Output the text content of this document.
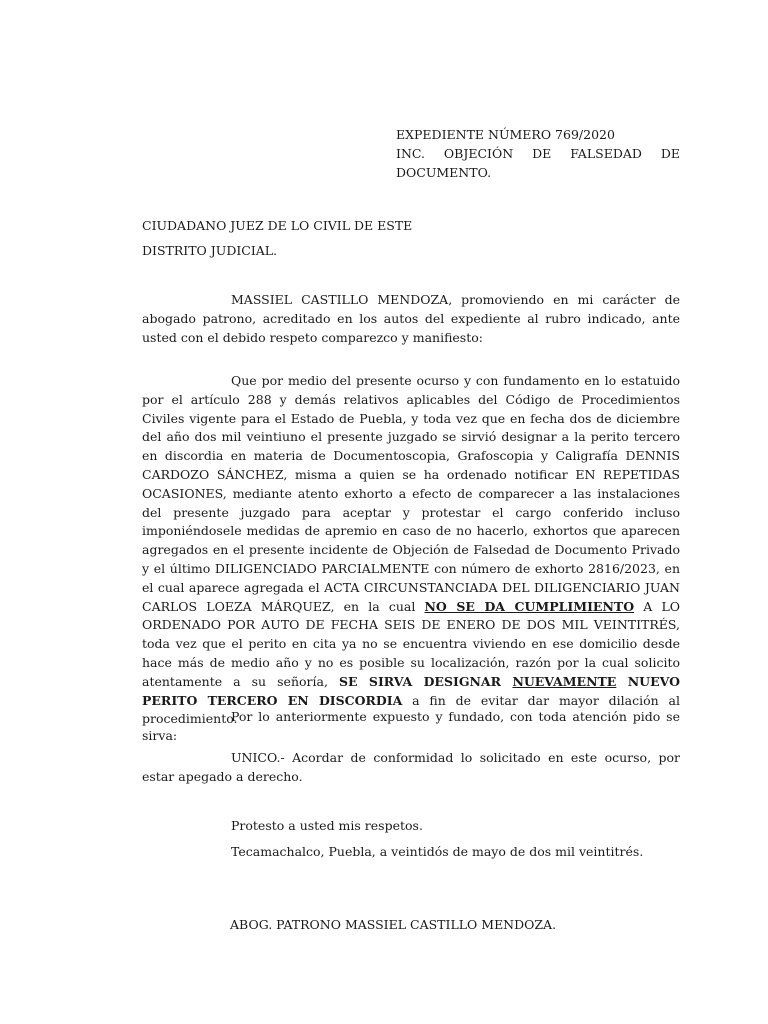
EXPEDIENTE NÚMERO 769/2020
INC. OBJECIÓN DE FALSEDAD DE
DOCUMENTO.
CIUDADANO JUEZ DE LO CIVIL DE ESTE
DISTRITO JUDICIAL.

MASSIEL CASTILLO MENDOZA, promoviendo en mi carácter de abogado patrono, acreditado en los autos del expediente al rubro indicado, ante usted con el debido respeto comparezco y manifiesto:

Que por medio del presente ocurso y con fundamento en lo estatuido por el artículo 288 y demás relativos aplicables del Código de Procedimientos Civiles vigente para el Estado de Puebla, y toda vez que en fecha dos de diciembre del año dos mil veintiuno el presente juzgado se sirvió designar a la perito tercero en discordia en materia de Documentoscopia, Grafoscopia y Caligrafía DENNIS CARDOZO SÁNCHEZ, misma a quien se ha ordenado notificar EN REPETIDAS OCASIONES, mediante atento exhorto a efecto de comparecer a las instalaciones del presente juzgado para aceptar y protestar el cargo conferido incluso imponiéndosele medidas de apremio en caso de no hacerlo, exhortos que aparecen agregados en el presente incidente de Objeción de Falsedad de Documento Privado y el último DILIGENCIADO PARCIALMENTE con número de exhorto 2816/2023, en el cual aparece agregada el ACTA CIRCUNSTANCIADA DEL DILIGENCIARIO JUAN CARLOS LOEZA MÁRQUEZ, en la cual NO SE DA CUMPLIMIENTO A LO ORDENADO POR AUTO DE FECHA SEIS DE ENERO DE DOS MIL VEINTITRÉS, toda vez que el perito en cita ya no se encuentra viviendo en ese domicilio desde hace más de medio año y no es posible su localización, razón por la cual solicito atentamente a su señoría, SE SIRVA DESIGNAR NUEVAMENTE NUEVO PERITO TERCERO EN DISCORDIA a fin de evitar dar mayor dilación al procedimiento.

Por lo anteriormente expuesto y fundado, con toda atención pido se sirva:

UNICO.- Acordar de conformidad lo solicitado en este ocurso, por estar apegado a derecho.

Protesto a usted mis respetos.

Tecamachalco, Puebla, a veintidós de mayo de dos mil veintitrés.

ABOG. PATRONO MASSIEL CASTILLO MENDOZA.
